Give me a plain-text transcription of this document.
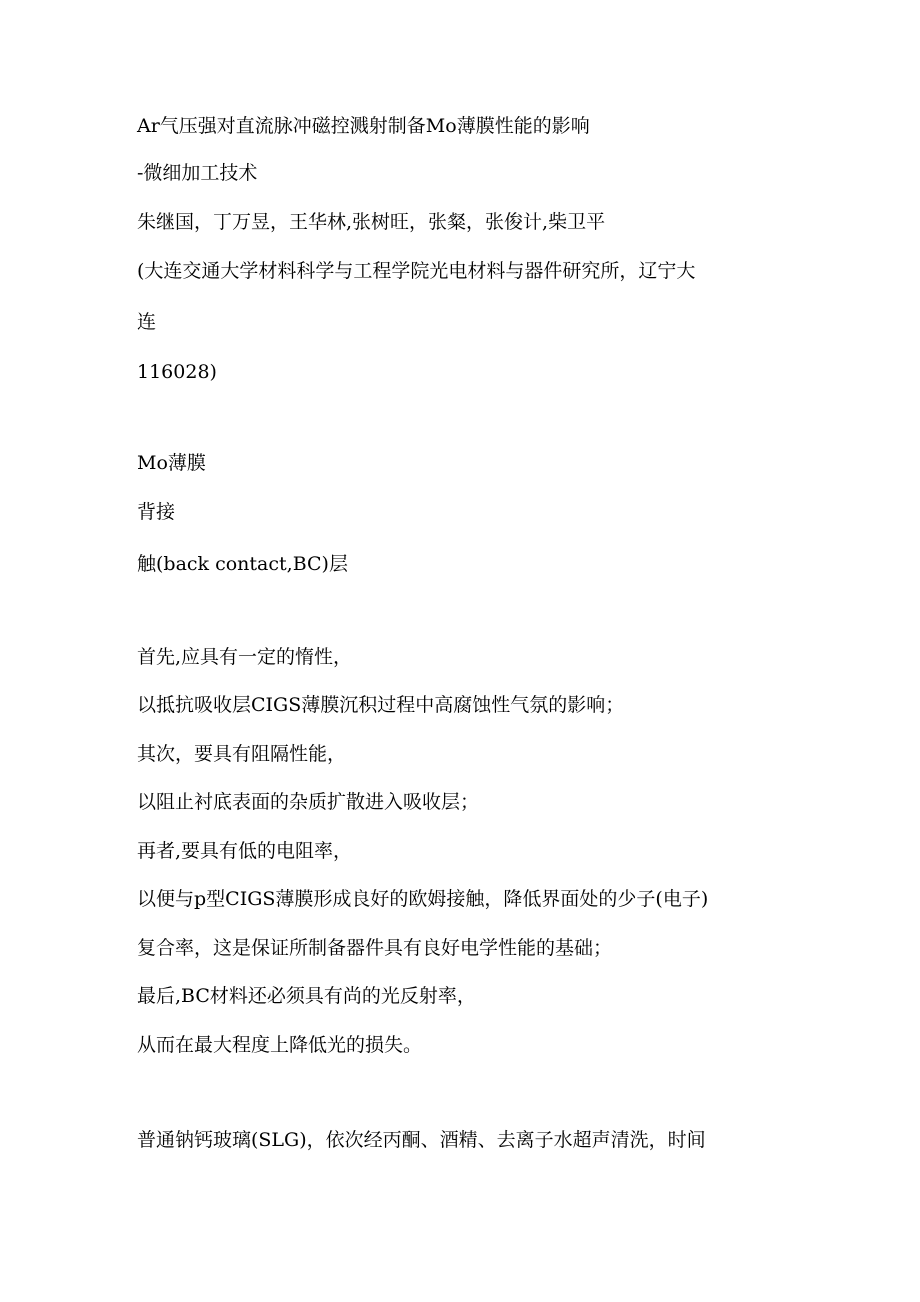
Ar气压强对直流脉冲磁控溅射制备Mo薄膜性能的影响

-微细加工技术

朱继国，丁万昱，王华林,张树旺，张粲，张俊计,柴卫平

(大连交通大学材料科学与工程学院光电材料与器件研究所，辽宁大

连

116028)

Mo薄膜

背接

触(back contact,BC)层

首先,应具有一定的惰性，

以抵抗吸收层CIGS薄膜沉积过程中高腐蚀性气氛的影响；

其次，要具有阻隔性能，

以阻止衬底表面的杂质扩散进入吸收层；

再者,要具有低的电阻率，

以便与p型CIGS薄膜形成良好的欧姆接触，降低界面处的少子(电子)

复合率，这是保证所制备器件具有良好电学性能的基础；

最后,BC材料还必须具有尚的光反射率，

从而在最大程度上降低光的损失。

普通钠钙玻璃(SLG)，依次经丙酮、酒精、去离子水超声清洗，时间
